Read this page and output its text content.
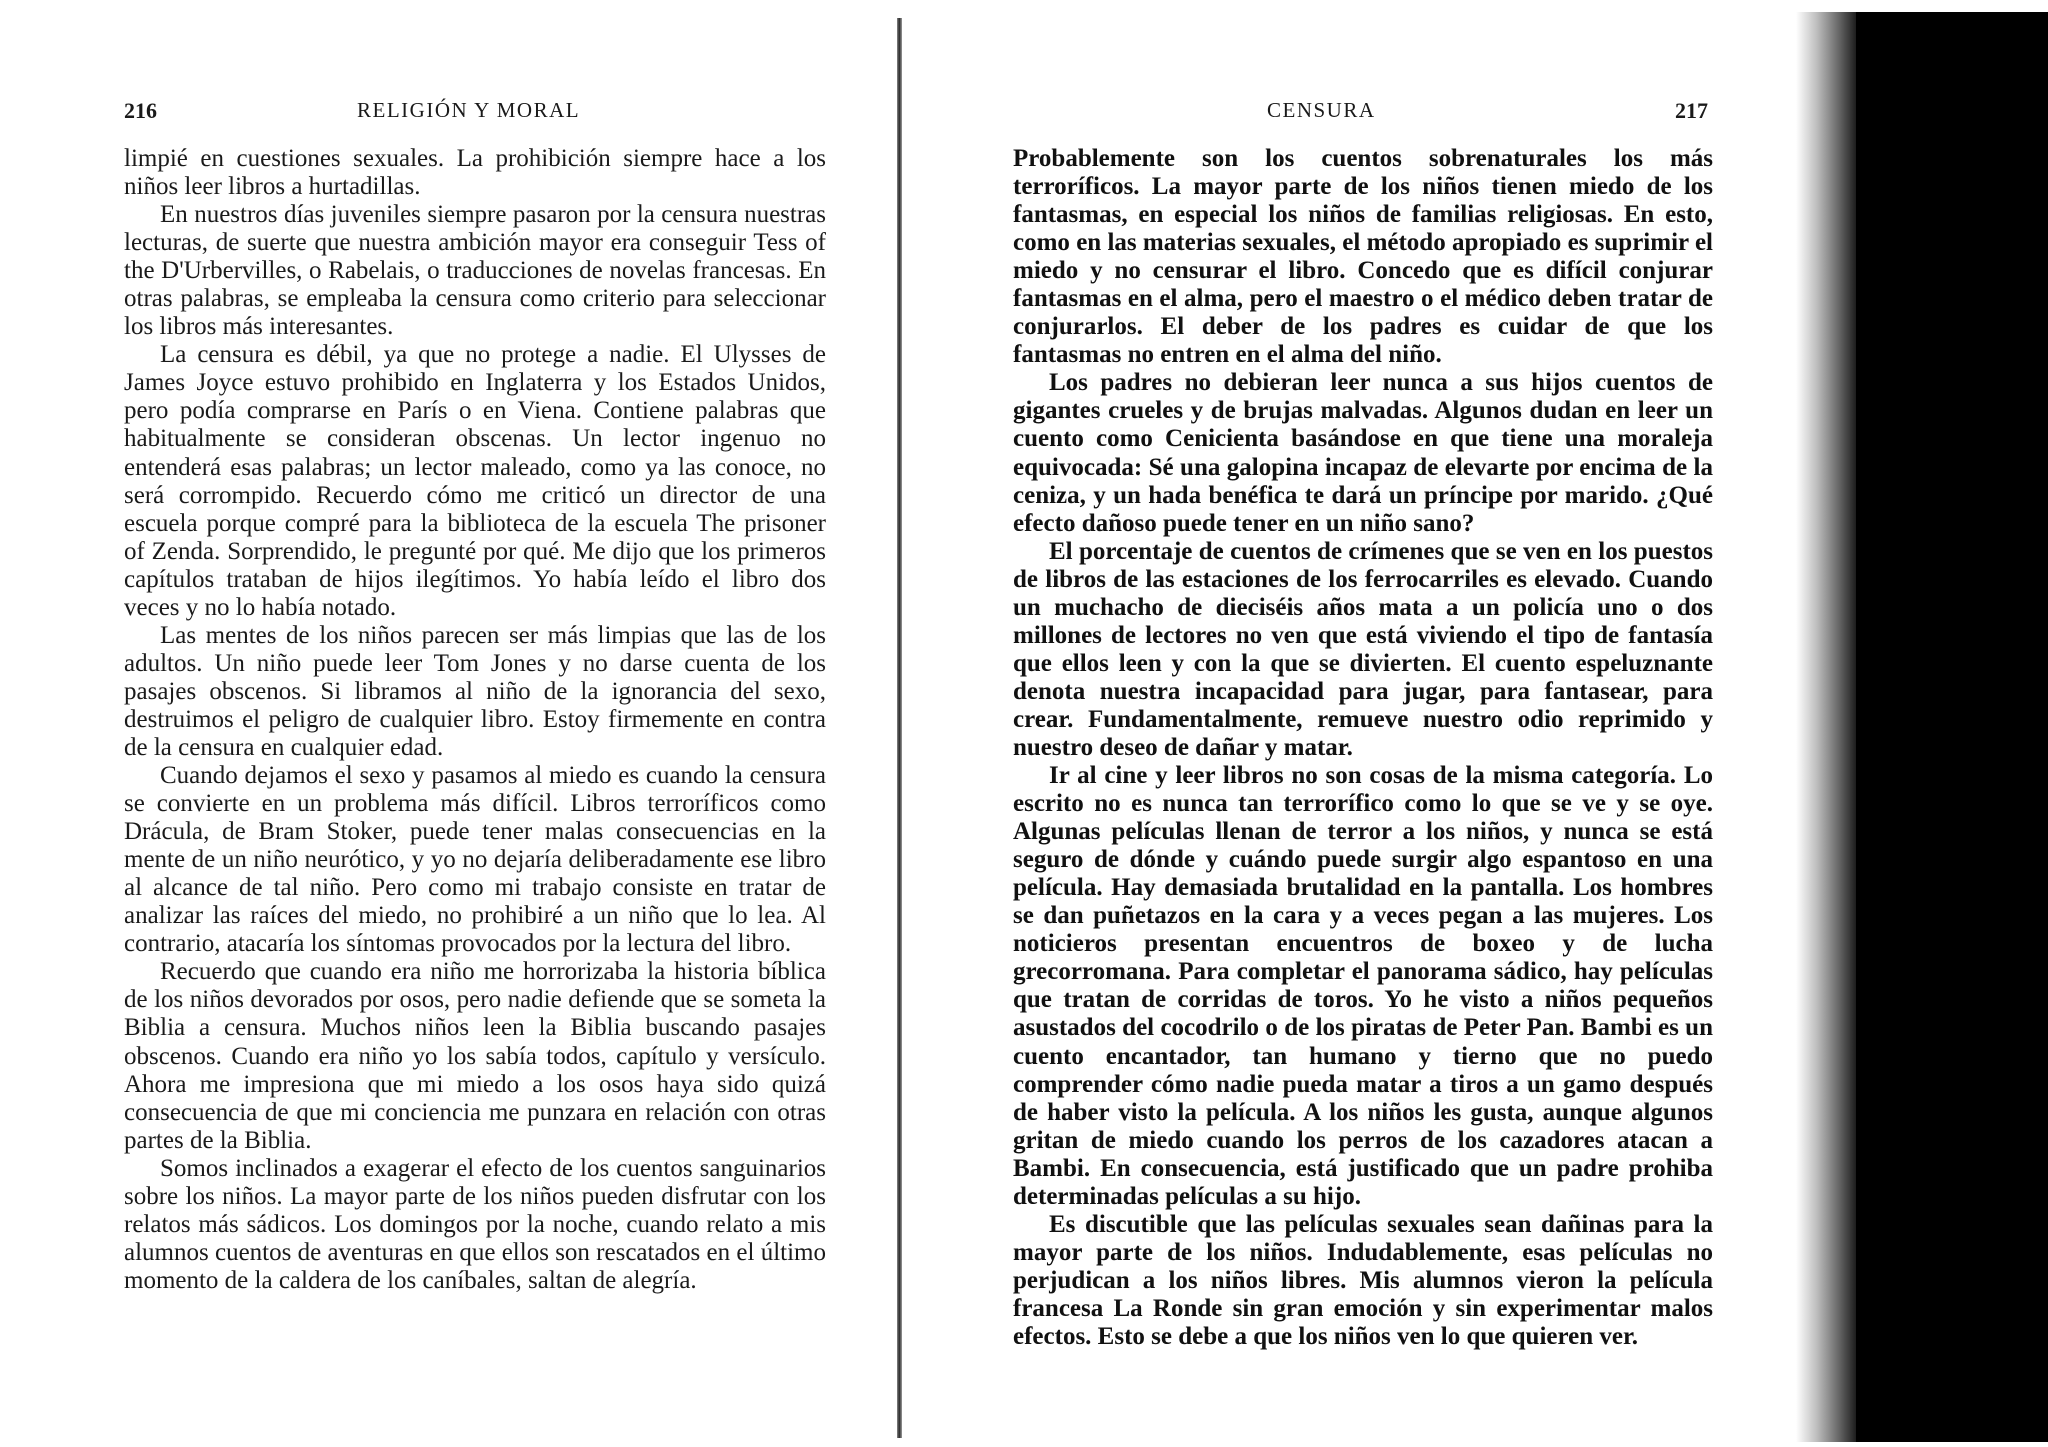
216	RELIGIÓN Y MORAL

limpié en cuestiones sexuales. La prohibición siempre hace a los niños leer libros a hurtadillas.

En nuestros días juveniles siempre pasaron por la censura nuestras lecturas, de suerte que nuestra ambición mayor era conseguir Tess of the D'Urbervilles, o Rabelais, o traducciones de novelas francesas. En otras palabras, se empleaba la censura como criterio para seleccionar los libros más interesantes.

La censura es débil, ya que no protege a nadie. El Ulysses de James Joyce estuvo prohibido en Inglaterra y los Estados Unidos, pero podía comprarse en París o en Viena. Contiene palabras que habitualmente se consideran obscenas. Un lector ingenuo no entenderá esas palabras; un lector maleado, como ya las conoce, no será corrompido. Recuerdo cómo me criticó un director de una escuela porque compré para la biblioteca de la escuela The prisoner of Zenda. Sorprendido, le pregunté por qué. Me dijo que los primeros capítulos trataban de hijos ilegítimos. Yo había leído el libro dos veces y no lo había notado.

Las mentes de los niños parecen ser más limpias que las de los adultos. Un niño puede leer Tom Jones y no darse cuenta de los pasajes obscenos. Si libramos al niño de la ignorancia del sexo, destruimos el peligro de cualquier libro. Estoy firmemente en contra de la censura en cualquier edad.

Cuando dejamos el sexo y pasamos al miedo es cuando la censura se convierte en un problema más difícil. Libros terroríficos como Drácula, de Bram Stoker, puede tener malas consecuencias en la mente de un niño neurótico, y yo no dejaría deliberadamente ese libro al alcance de tal niño. Pero como mi trabajo consiste en tratar de analizar las raíces del miedo, no prohibiré a un niño que lo lea. Al contrario, atacaría los síntomas provocados por la lectura del libro.

Recuerdo que cuando era niño me horrorizaba la historia bíblica de los niños devorados por osos, pero nadie defiende que se someta la Biblia a censura. Muchos niños leen la Biblia buscando pasajes obscenos. Cuando era niño yo los sabía todos, capítulo y versículo. Ahora me impresiona que mi miedo a los osos haya sido quizá consecuencia de que mi conciencia me punzara en relación con otras partes de la Biblia.

Somos inclinados a exagerar el efecto de los cuentos sanguinarios sobre los niños. La mayor parte de los niños pueden disfrutar con los relatos más sádicos. Los domingos por la noche, cuando relato a mis alumnos cuentos de aventuras en que ellos son rescatados en el último momento de la caldera de los caníbales, saltan de alegría.

CENSURA	217

Probablemente son los cuentos sobrenaturales los más terroríficos. La mayor parte de los niños tienen miedo de los fantasmas, en especial los niños de familias religiosas. En esto, como en las materias sexuales, el método apropiado es suprimir el miedo y no censurar el libro. Concedo que es difícil conjurar fantasmas en el alma, pero el maestro o el médico deben tratar de conjurarlos. El deber de los padres es cuidar de que los fantasmas no entren en el alma del niño.

Los padres no debieran leer nunca a sus hijos cuentos de gigantes crueles y de brujas malvadas. Algunos dudan en leer un cuento como Cenicienta basándose en que tiene una moraleja equivocada: Sé una galopina incapaz de elevarte por encima de la ceniza, y un hada benéfica te dará un príncipe por marido. ¿Qué efecto dañoso puede tener en un niño sano?

El porcentaje de cuentos de crímenes que se ven en los puestos de libros de las estaciones de los ferrocarriles es elevado. Cuando un muchacho de dieciséis años mata a un policía uno o dos millones de lectores no ven que está viviendo el tipo de fantasía que ellos leen y con la que se divierten. El cuento espeluznante denota nuestra incapacidad para jugar, para fantasear, para crear. Fundamentalmente, remueve nuestro odio reprimido y nuestro deseo de dañar y matar.

Ir al cine y leer libros no son cosas de la misma categoría. Lo escrito no es nunca tan terrorífico como lo que se ve y se oye. Algunas películas llenan de terror a los niños, y nunca se está seguro de dónde y cuándo puede surgir algo espantoso en una película. Hay demasiada brutalidad en la pantalla. Los hombres se dan puñetazos en la cara y a veces pegan a las mujeres. Los noticieros presentan encuentros de boxeo y de lucha grecorromana. Para completar el panorama sádico, hay películas que tratan de corridas de toros. Yo he visto a niños pequeños asustados del cocodrilo o de los piratas de Peter Pan. Bambi es un cuento encantador, tan humano y tierno que no puedo comprender cómo nadie pueda matar a tiros a un gamo después de haber visto la película. A los niños les gusta, aunque algunos gritan de miedo cuando los perros de los cazadores atacan a Bambi. En consecuencia, está justificado que un padre prohiba determinadas películas a su hijo.

Es discutible que las películas sexuales sean dañinas para la mayor parte de los niños. Indudablemente, esas películas no perjudican a los niños libres. Mis alumnos vieron la película francesa La Ronde sin gran emoción y sin experimentar malos efectos. Esto se debe a que los niños ven lo que quieren ver.
